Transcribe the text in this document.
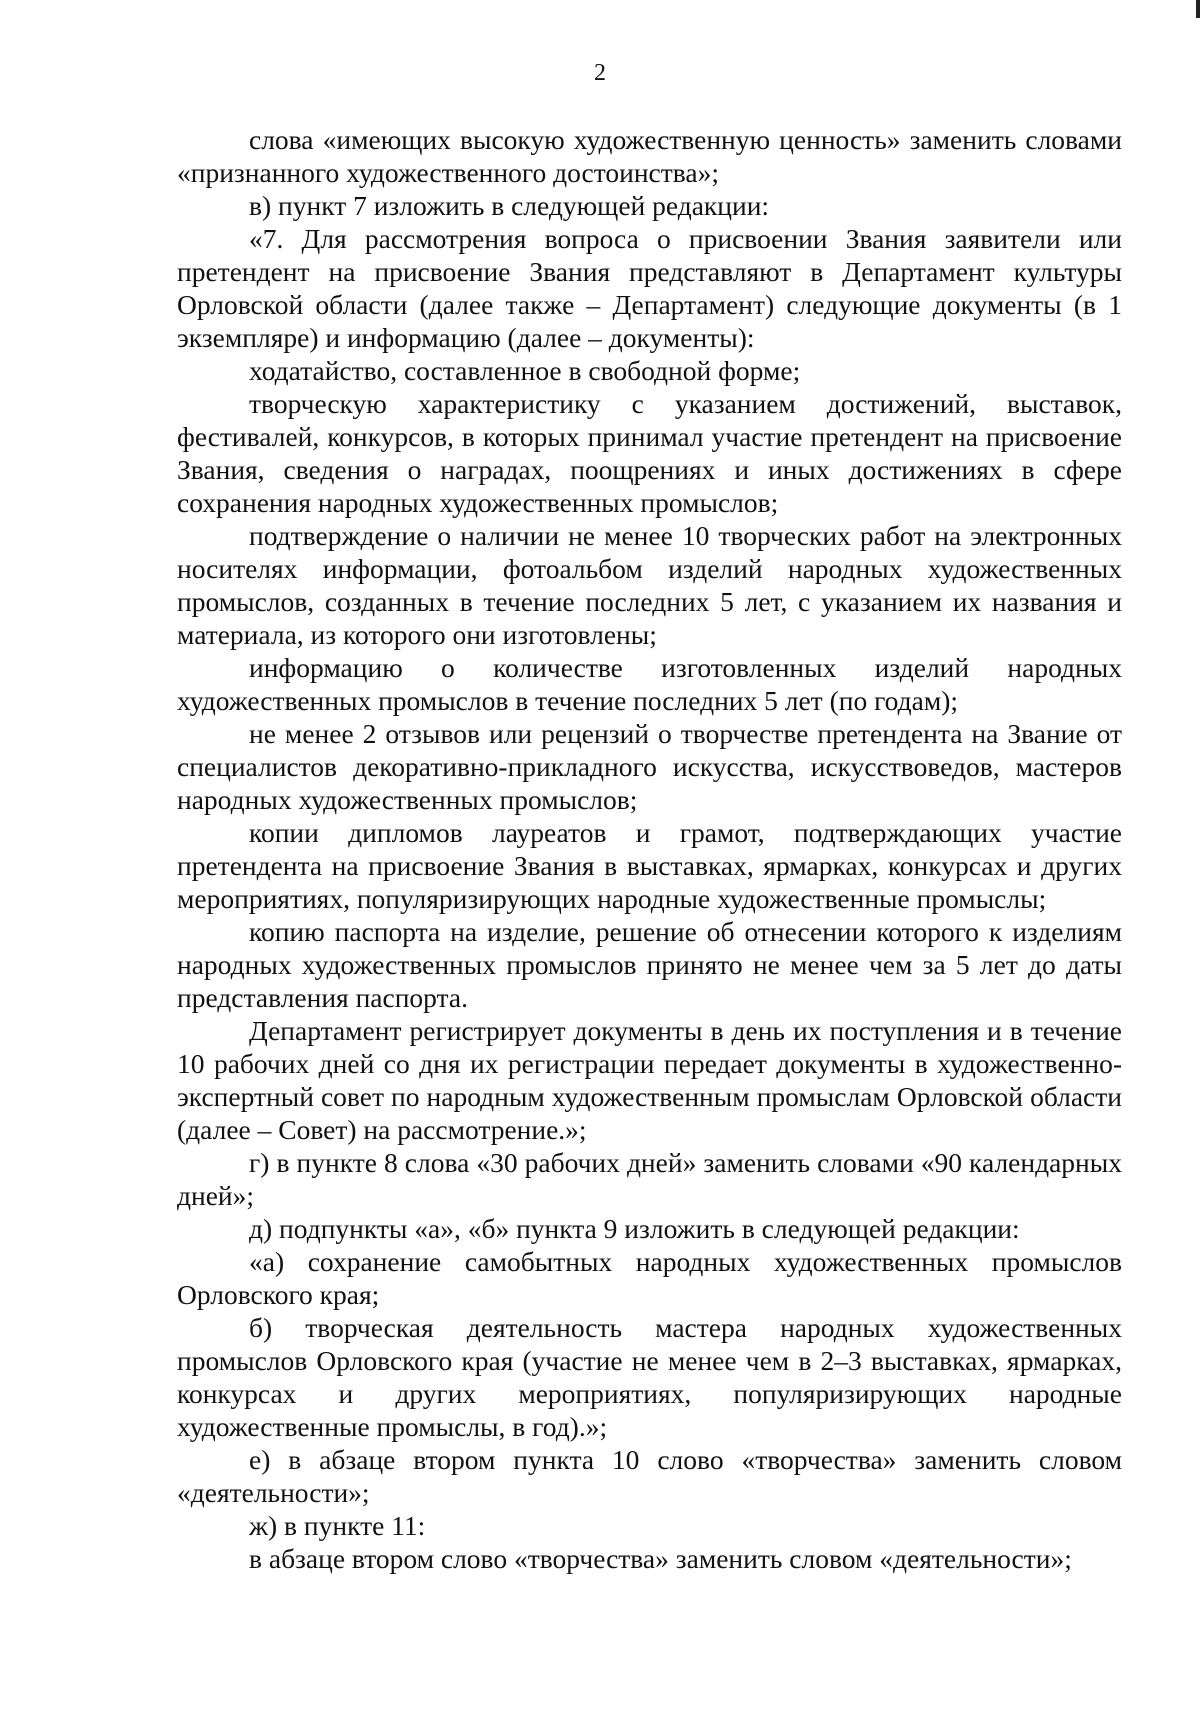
2

слова «имеющих высокую художественную ценность» заменить словами «признанного художественного достоинства»;

в) пункт 7 изложить в следующей редакции:

«7. Для рассмотрения вопроса о присвоении Звания заявители или претендент на присвоение Звания представляют в Департамент культуры Орловской области (далее также – Департамент) следующие документы (в 1 экземпляре) и информацию (далее – документы):

ходатайство, составленное в свободной форме;

творческую характеристику с указанием достижений, выставок, фестивалей, конкурсов, в которых принимал участие претендент на присвоение Звания, сведения о наградах, поощрениях и иных достижениях в сфере сохранения народных художественных промыслов;

подтверждение о наличии не менее 10 творческих работ на электронных носителях информации, фотоальбом изделий народных художественных промыслов, созданных в течение последних 5 лет, с указанием их названия и материала, из которого они изготовлены;

информацию о количестве изготовленных изделий народных художественных промыслов в течение последних 5 лет (по годам);

не менее 2 отзывов или рецензий о творчестве претендента на Звание от специалистов декоративно-прикладного искусства, искусствоведов, мастеров народных художественных промыслов;

копии дипломов лауреатов и грамот, подтверждающих участие претендента на присвоение Звания в выставках, ярмарках, конкурсах и других мероприятиях, популяризирующих народные художественные промыслы;

копию паспорта на изделие, решение об отнесении которого к изделиям народных художественных промыслов принято не менее чем за 5 лет до даты представления паспорта.

Департамент регистрирует документы в день их поступления и в течение 10 рабочих дней со дня их регистрации передает документы в художественно-экспертный совет по народным художественным промыслам Орловской области (далее – Совет) на рассмотрение.»;

г) в пункте 8 слова «30 рабочих дней» заменить словами «90 календарных дней»;

д) подпункты «а», «б» пункта 9 изложить в следующей редакции:

«а) сохранение самобытных народных художественных промыслов Орловского края;

б) творческая деятельность мастера народных художественных промыслов Орловского края (участие не менее чем в 2–3 выставках, ярмарках, конкурсах и других мероприятиях, популяризирующих народные художественные промыслы, в год).»;

е) в абзаце втором пункта 10 слово «творчества» заменить словом «деятельности»;

ж) в пункте 11:

в абзаце втором слово «творчества» заменить словом «деятельности»;
